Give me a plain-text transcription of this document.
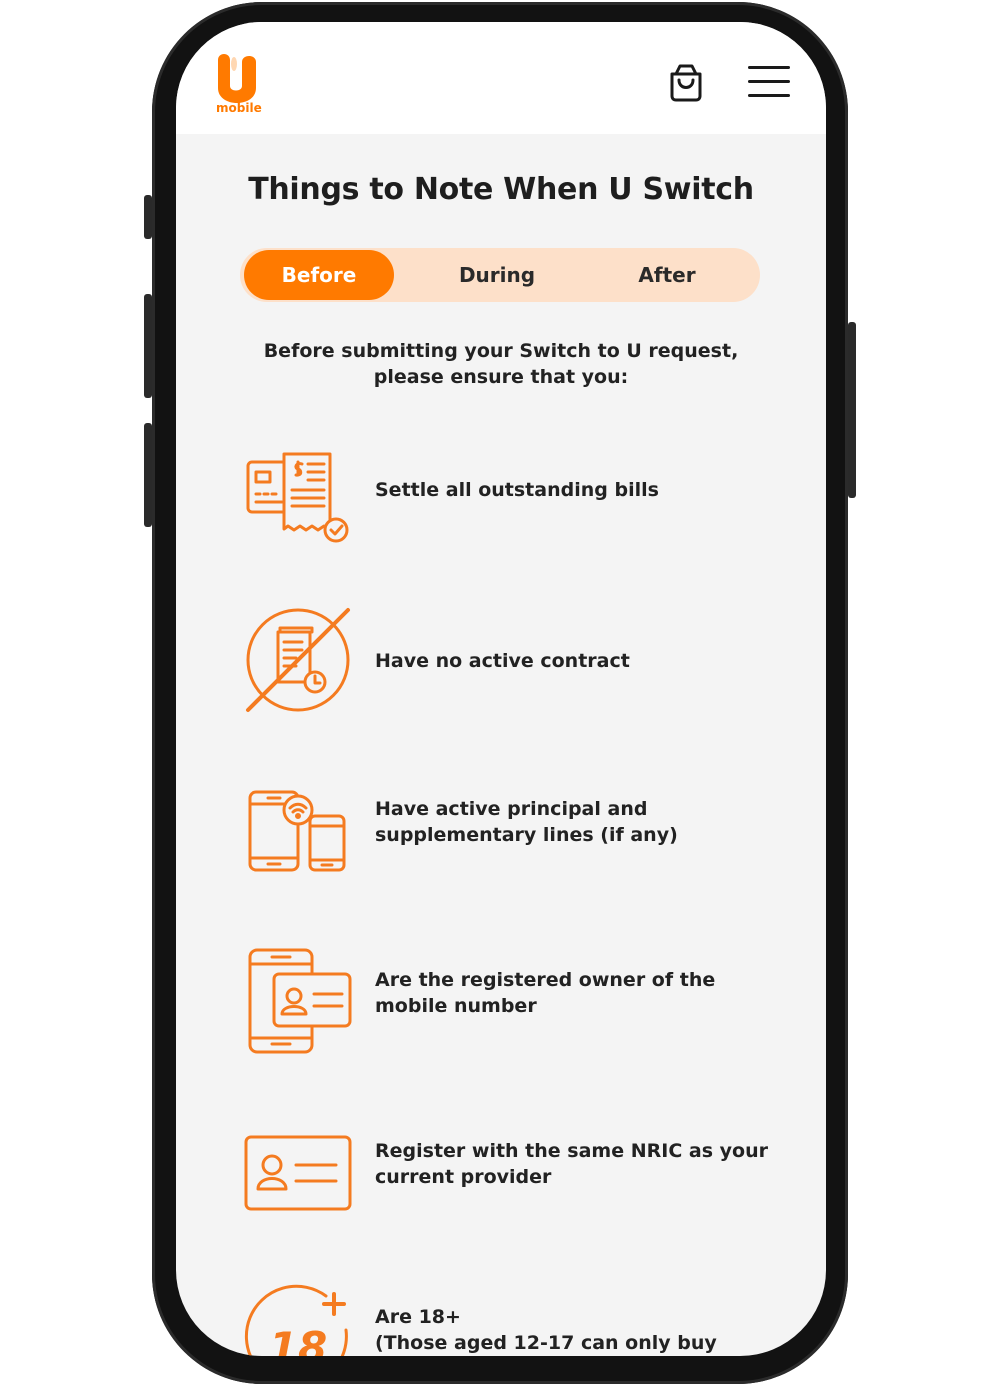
mobile
Things to Note When U Switch
Before	During	After
Before submitting your Switch to U request, please ensure that you:
Settle all outstanding bills
Have no active contract
Have active principal and supplementary lines (if any)
Are the registered owner of the mobile number
Register with the same NRIC as your current provider
18
Are 18+
(Those aged 12-17 can only buy
